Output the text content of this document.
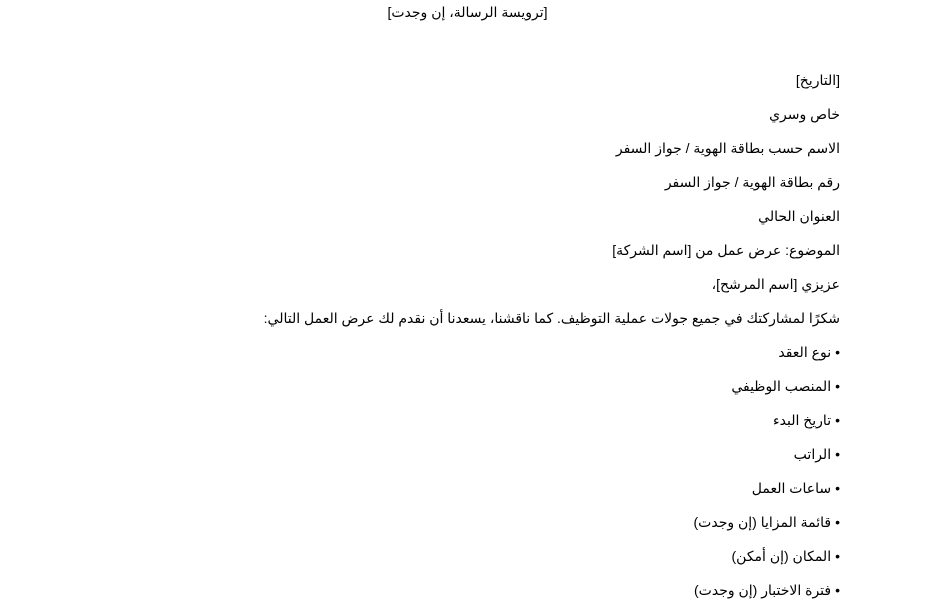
[ترويسة الرسالة، إن وجدت]
[التاريخ]
خاص وسري
الاسم حسب بطاقة الهوية / جواز السفر
رقم بطاقة الهوية / جواز السفر
العنوان الحالي
الموضوع: عرض عمل من [اسم الشركة]
عزيزي [اسم المرشح]،
شكرًا لمشاركتك في جميع جولات عملية التوظيف. كما ناقشنا، يسعدنا أن نقدم لك عرض العمل التالي:
•نوع العقد
•المنصب الوظيفي
•تاريخ البدء
•الراتب
•ساعات العمل
•قائمة المزايا (إن وجدت)
•المكان (إن أمكن)
•فترة الاختبار (إن وجدت)
